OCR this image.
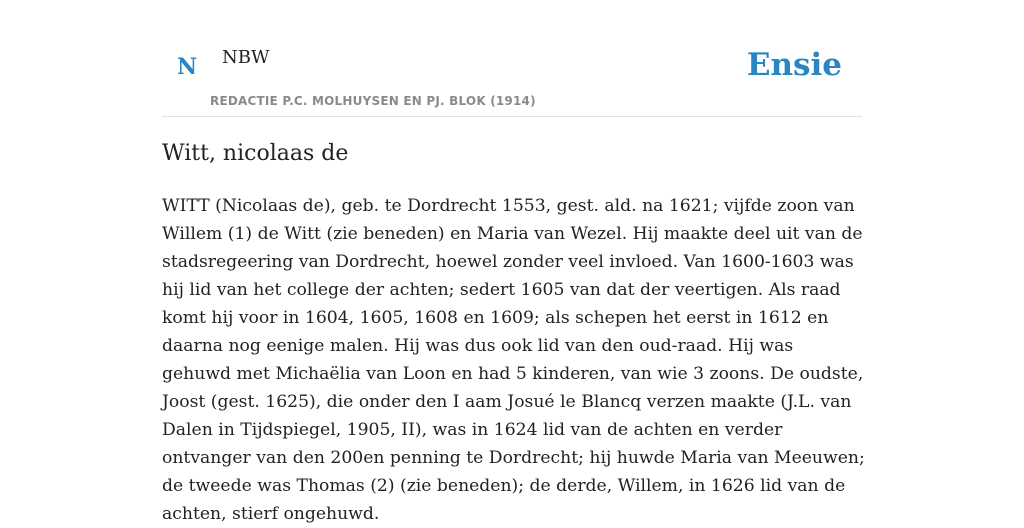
N NBW
REDACTIE P.C. MOLHUYSEN EN PJ. BLOK (1914)
Ensie
Witt, nicolaas de

WITT (Nicolaas de), geb. te Dordrecht 1553, gest. ald. na 1621; vijfde zoon van Willem (1) de Witt (zie beneden) en Maria van Wezel. Hij maakte deel uit van de stadsregeering van Dordrecht, hoewel zonder veel invloed. Van 1600-1603 was hij lid van het college der achten; sedert 1605 van dat der veertigen. Als raad komt hij voor in 1604, 1605, 1608 en 1609; als schepen het eerst in 1612 en daarna nog eenige malen. Hij was dus ook lid van den oud-raad. Hij was gehuwd met Michaëlia van Loon en had 5 kinderen, van wie 3 zoons. De oudste, Joost (gest. 1625), die onder den I aam Josué le Blancq verzen maakte (J.L. van Dalen in Tijdspiegel, 1905, II), was in 1624 lid van de achten en verder ontvanger van den 200en penning te Dordrecht; hij huwde Maria van Meeuwen; de tweede was Thomas (2) (zie beneden); de derde, Willem, in 1626 lid van de achten, stierf ongehuwd.
